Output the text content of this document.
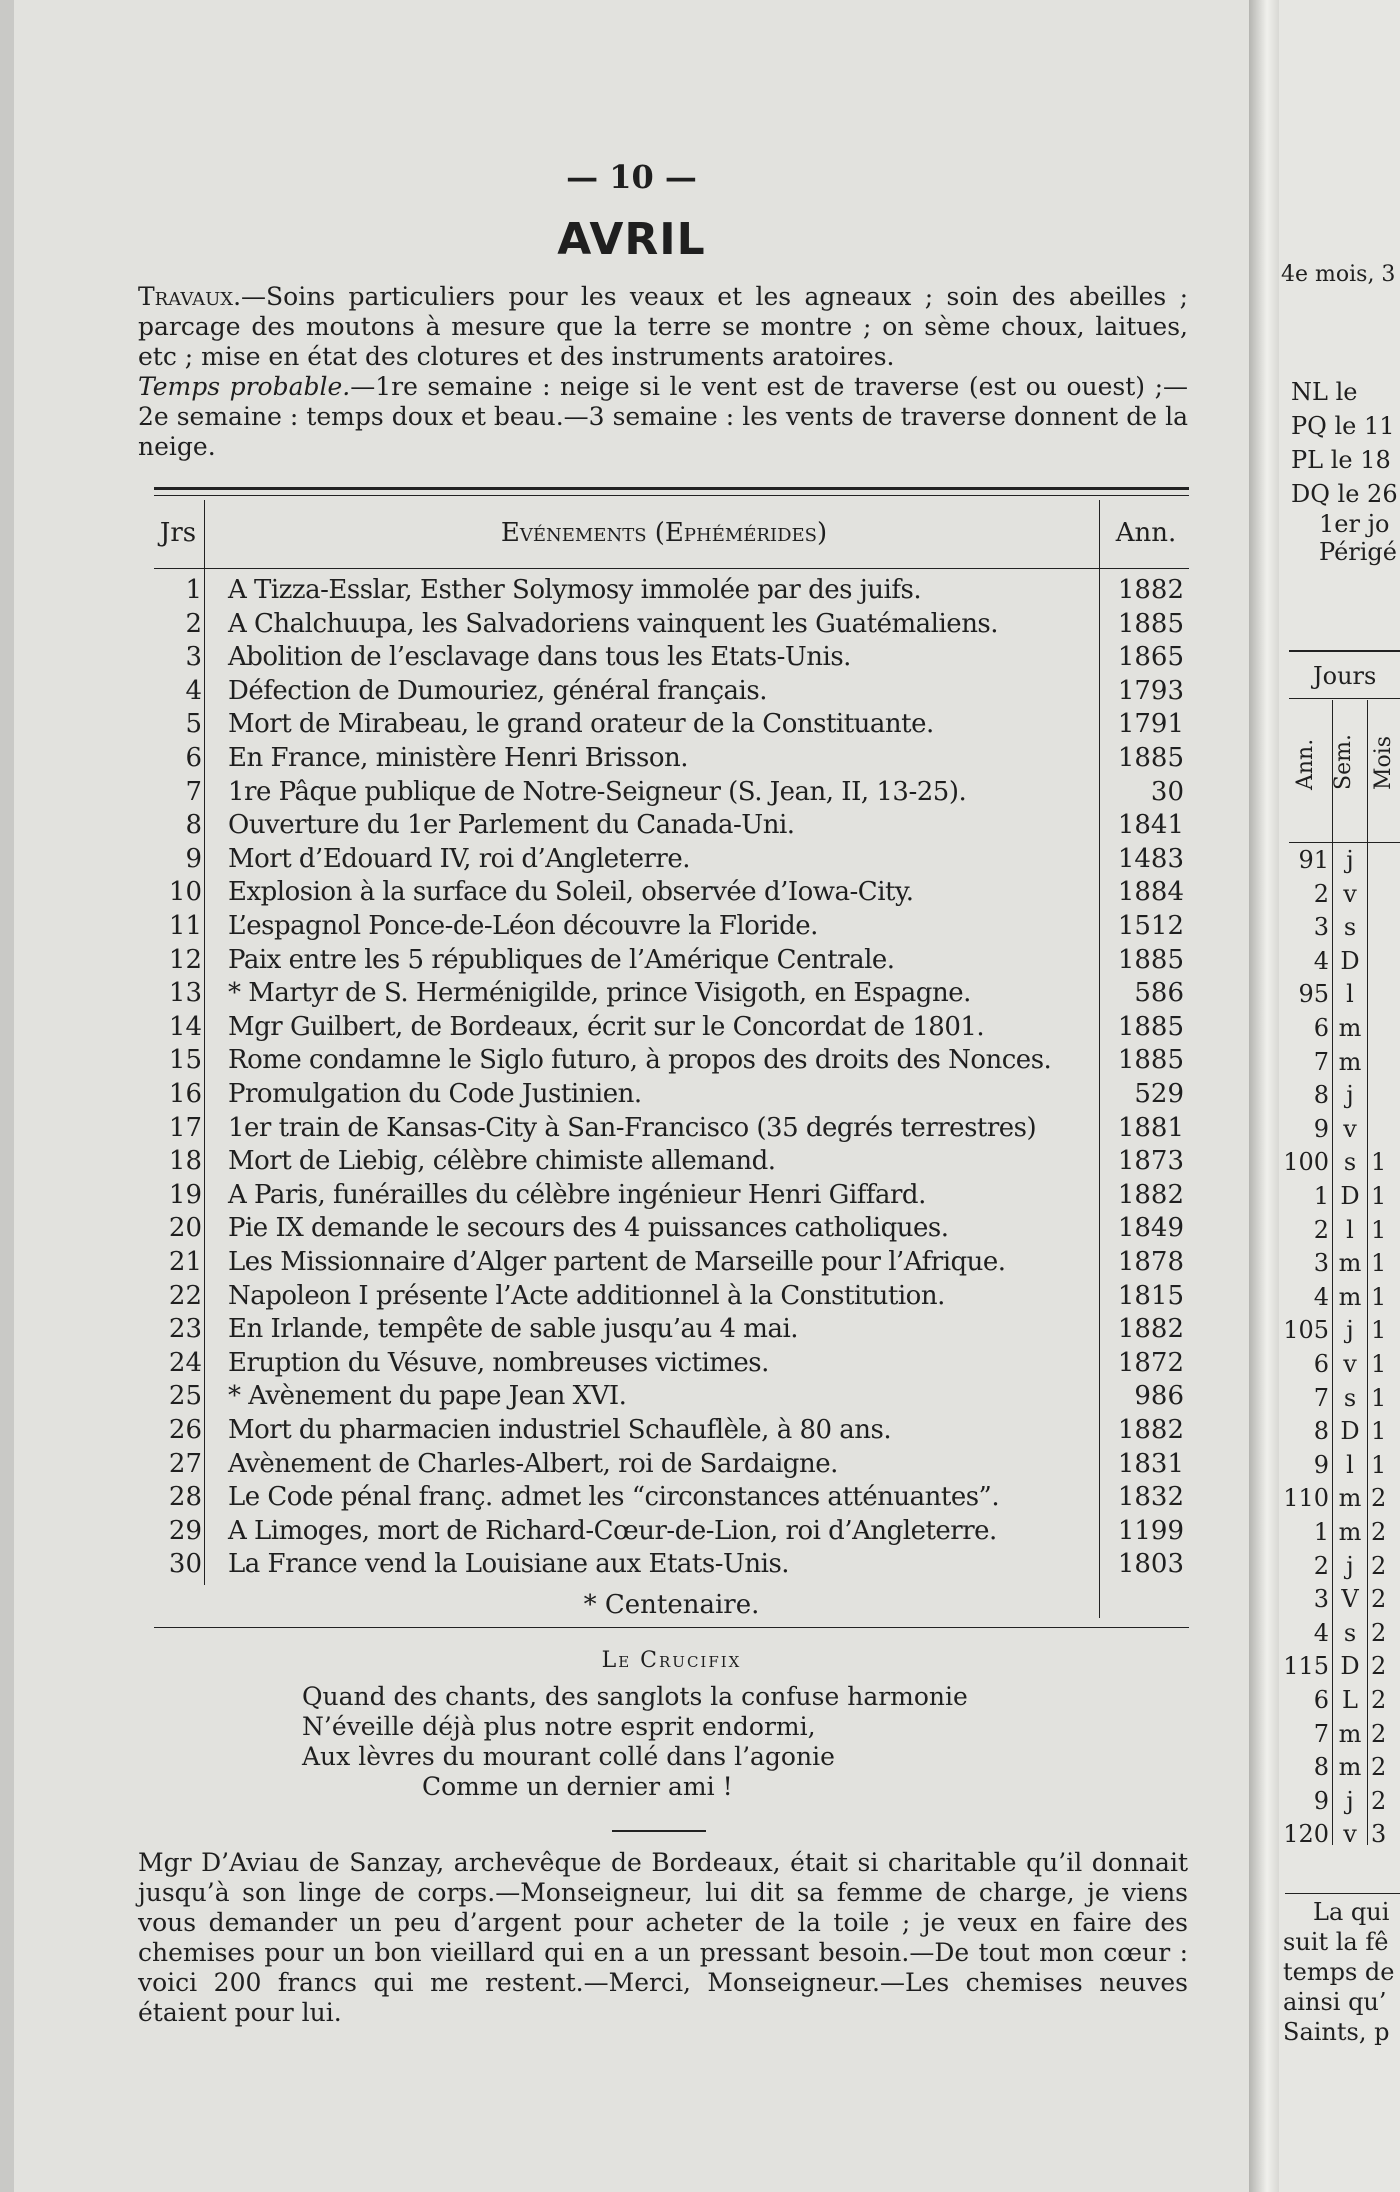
— 10 —
AVRIL
Travaux.—Soins particuliers pour les veaux et les agneaux ; soin des abeilles ; parcage des moutons à mesure que la terre se montre ; on sème choux, laitues, etc ; mise en état des clotures et des instruments aratoires.
Temps probable.—1re semaine : neige si le vent est de traverse (est ou ouest) ;—2e semaine : temps doux et beau.—3 semaine : les vents de traverse donnent de la neige.
Jrs	Evénements (Ephémérides)	Ann.
1 A Tizza-Esslar, Esther Solymosy immolée par des juifs.	1882
2 A Chalchuupa, les Salvadoriens vainquent les Guatémaliens.	1885
3 Abolition de l’esclavage dans tous les Etats-Unis.	1865
4 Défection de Dumouriez, général français.	1793
5 Mort de Mirabeau, le grand orateur de la Constituante.	1791
6 En France, ministère Henri Brisson.	1885
7 1re Pâque publique de Notre-Seigneur (S. Jean, II, 13-25).	30
8 Ouverture du 1er Parlement du Canada-Uni.	1841
9 Mort d’Edouard IV, roi d’Angleterre.	1483
10 Explosion à la surface du Soleil, observée d’Iowa-City.	1884
11 L’espagnol Ponce-de-Léon découvre la Floride.	1512
12 Paix entre les 5 républiques de l’Amérique Centrale.	1885
13 * Martyr de S. Herménigilde, prince Visigoth, en Espagne.	586
14 Mgr Guilbert, de Bordeaux, écrit sur le Concordat de 1801.	1885
15 Rome condamne le Siglo futuro, à propos des droits des Nonces.	1885
16 Promulgation du Code Justinien.	529
17 1er train de Kansas-City à San-Francisco (35 degrés terrestres)	1881
18 Mort de Liebig, célèbre chimiste allemand.	1873
19 A Paris, funérailles du célèbre ingénieur Henri Giffard.	1882
20 Pie IX demande le secours des 4 puissances catholiques.	1849
21 Les Missionnaire d’Alger partent de Marseille pour l’Afrique.	1878
22 Napoleon I présente l’Acte additionnel à la Constitution.	1815
23 En Irlande, tempête de sable jusqu’au 4 mai.	1882
24 Eruption du Vésuve, nombreuses victimes.	1872
25 * Avènement du pape Jean XVI.	986
26 Mort du pharmacien industriel Schauflèle, à 80 ans.	1882
27 Avènement de Charles-Albert, roi de Sardaigne.	1831
28 Le Code pénal franç. admet les “circonstances atténuantes”.	1832
29 A Limoges, mort de Richard-Cœur-de-Lion, roi d’Angleterre.	1199
30 La France vend la Louisiane aux Etats-Unis.	1803
* Centenaire.
Le Crucifix
Quand des chants, des sanglots la confuse harmonie
N’éveille déjà plus notre esprit endormi,
Aux lèvres du mourant collé dans l’agonie
Comme un dernier ami !
Mgr D’Aviau de Sanzay, archevêque de Bordeaux, était si charitable qu’il donnait jusqu’à son linge de corps.—Monseigneur, lui dit sa femme de charge, je viens vous demander un peu d’argent pour acheter de la toile ; je veux en faire des chemises pour un bon vieillard qui en a un pressant besoin.—De tout mon cœur : voici 200 francs qui me restent.—Merci, Monseigneur.—Les chemises neuves étaient pour lui.
4e mois, 3
NL le
PQ le 11
PL le 18
DQ le 26
1er jo
Périgé
Jours
Ann. Sem. Mois
91 j
2 v
3 s
4 D
95 l
6 m
7 m
8 j
9 v
100 s 1
1 D 1
2 l 1
3 m 1
4 m 1
105 j 1
6 v 1
7 s 1
8 D 1
9 l 1
110 m 2
1 m 2
2 j 2
3 V 2
4 s 2
115 D 2
6 L 2
7 m 2
8 m 2
9 j 2
120 v 3
La qui
suit la fê
temps de
ainsi qu’
Saints, p
